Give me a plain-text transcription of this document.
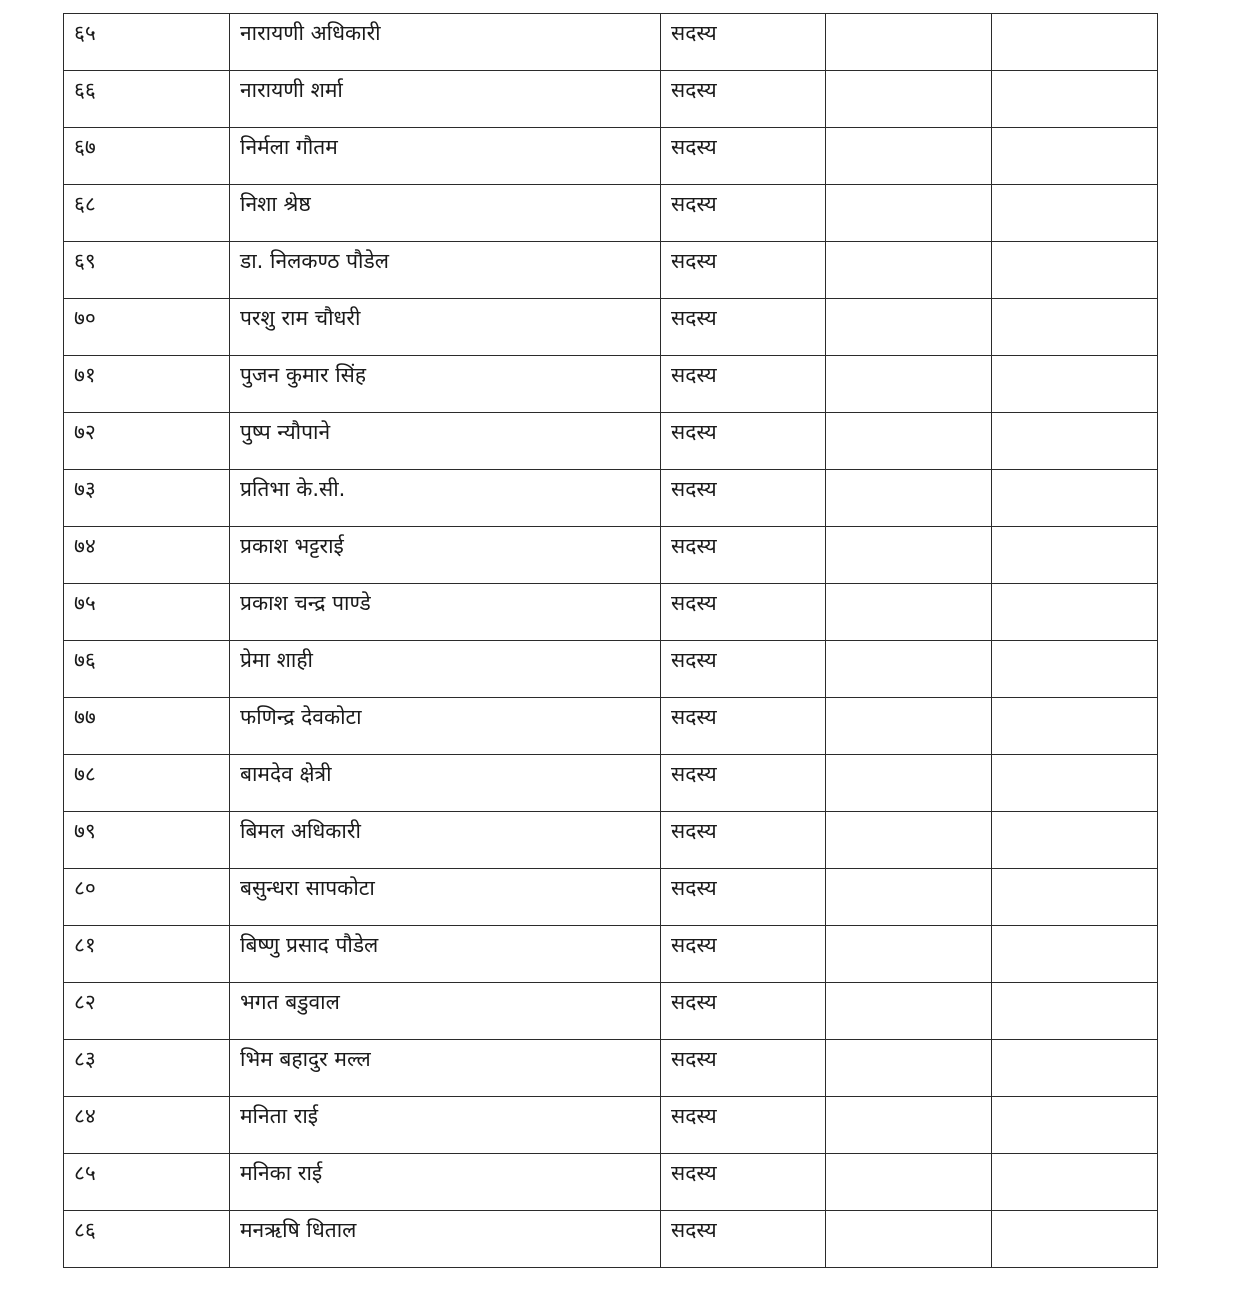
६५	नारायणी अधिकारी	सदस्य		

६६	नारायणी शर्मा	सदस्य		

६७	निर्मला गौतम	सदस्य		

६८	निशा श्रेष्ठ	सदस्य		

६९	डा. निलकण्ठ पौडेल	सदस्य		

७०	परशु राम चौधरी	सदस्य		

७१	पुजन कुमार सिंह	सदस्य		

७२	पुष्प न्यौपाने	सदस्य		

७३	प्रतिभा के.सी.	सदस्य		

७४	प्रकाश भट्टराई	सदस्य		

७५	प्रकाश चन्द्र पाण्डे	सदस्य		

७६	प्रेमा शाही	सदस्य		

७७	फणिन्द्र देवकोटा	सदस्य		

७८	बामदेव क्षेत्री	सदस्य		

७९	बिमल अधिकारी	सदस्य		

८०	बसुन्धरा सापकोटा	सदस्य		

८१	बिष्णु प्रसाद पौडेल	सदस्य		

८२	भगत बडुवाल	सदस्य		

८३	भिम बहादुर मल्ल	सदस्य		

८४	मनिता राई	सदस्य		

८५	मनिका राई	सदस्य		

८६	मनऋषि धिताल	सदस्य		
